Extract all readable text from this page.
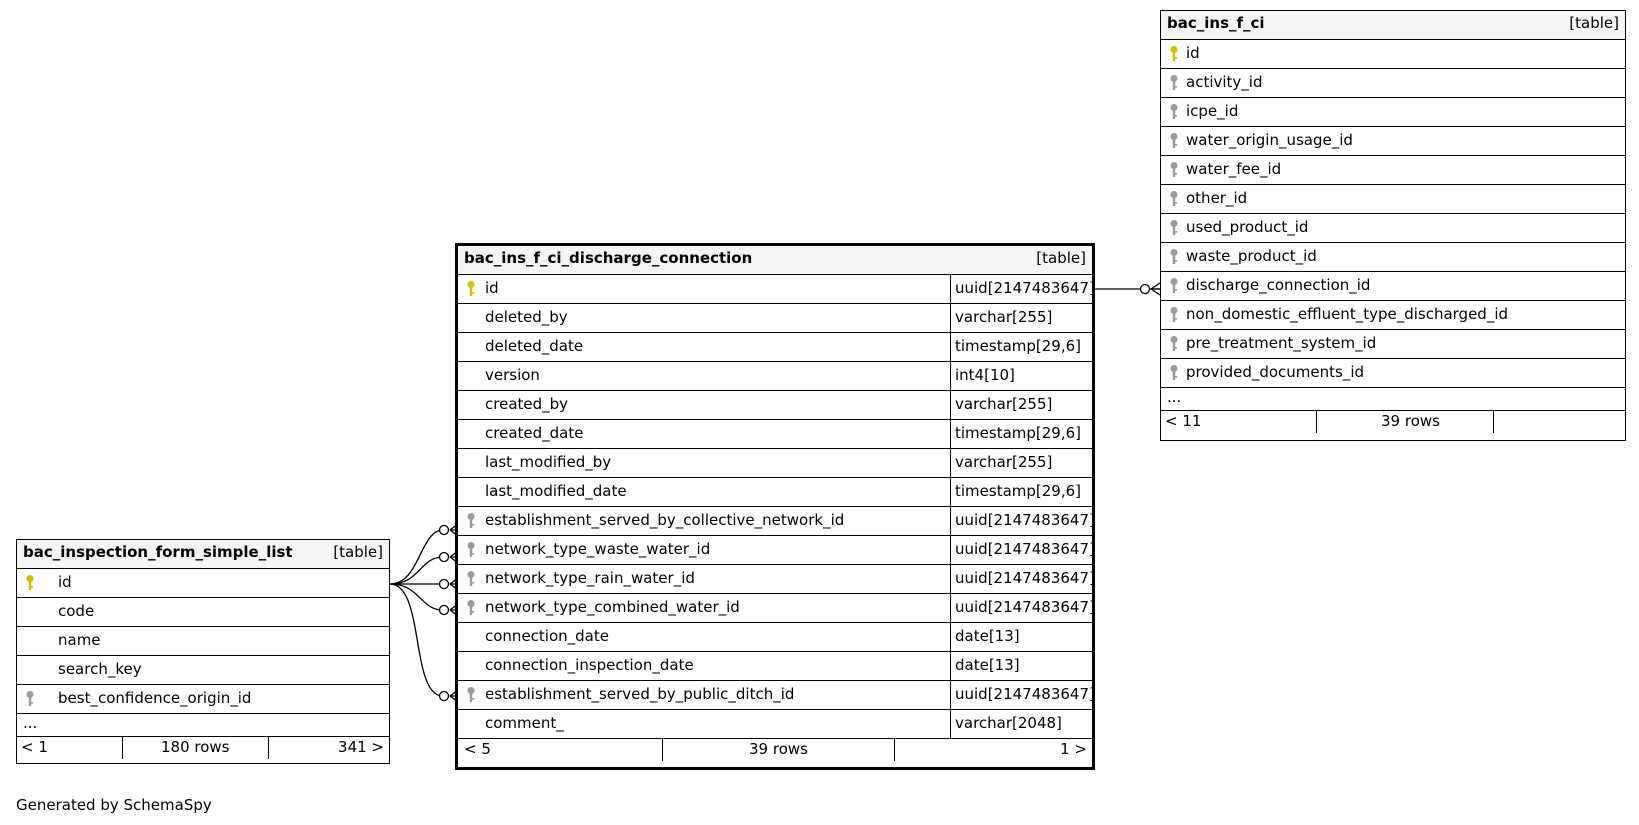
bac_inspection_form_simple_list	[table]
id
code
name
search_key
best_confidence_origin_id
...
< 1	180 rows	341 >
bac_ins_f_ci_discharge_connection	[table]
id	uuid[2147483647]
deleted_by	varchar[255]
deleted_date	timestamp[29,6]
version	int4[10]
created_by	varchar[255]
created_date	timestamp[29,6]
last_modified_by	varchar[255]
last_modified_date	timestamp[29,6]
establishment_served_by_collective_network_id	uuid[2147483647]
network_type_waste_water_id	uuid[2147483647]
network_type_rain_water_id	uuid[2147483647]
network_type_combined_water_id	uuid[2147483647]
connection_date	date[13]
connection_inspection_date	date[13]
establishment_served_by_public_ditch_id	uuid[2147483647]
comment_	varchar[2048]
< 5	39 rows	1 >
bac_ins_f_ci	[table]
id
activity_id
icpe_id
water_origin_usage_id
water_fee_id
other_id
used_product_id
waste_product_id
discharge_connection_id
non_domestic_effluent_type_discharged_id
pre_treatment_system_id
provided_documents_id
...
< 11	39 rows
Generated by SchemaSpy
